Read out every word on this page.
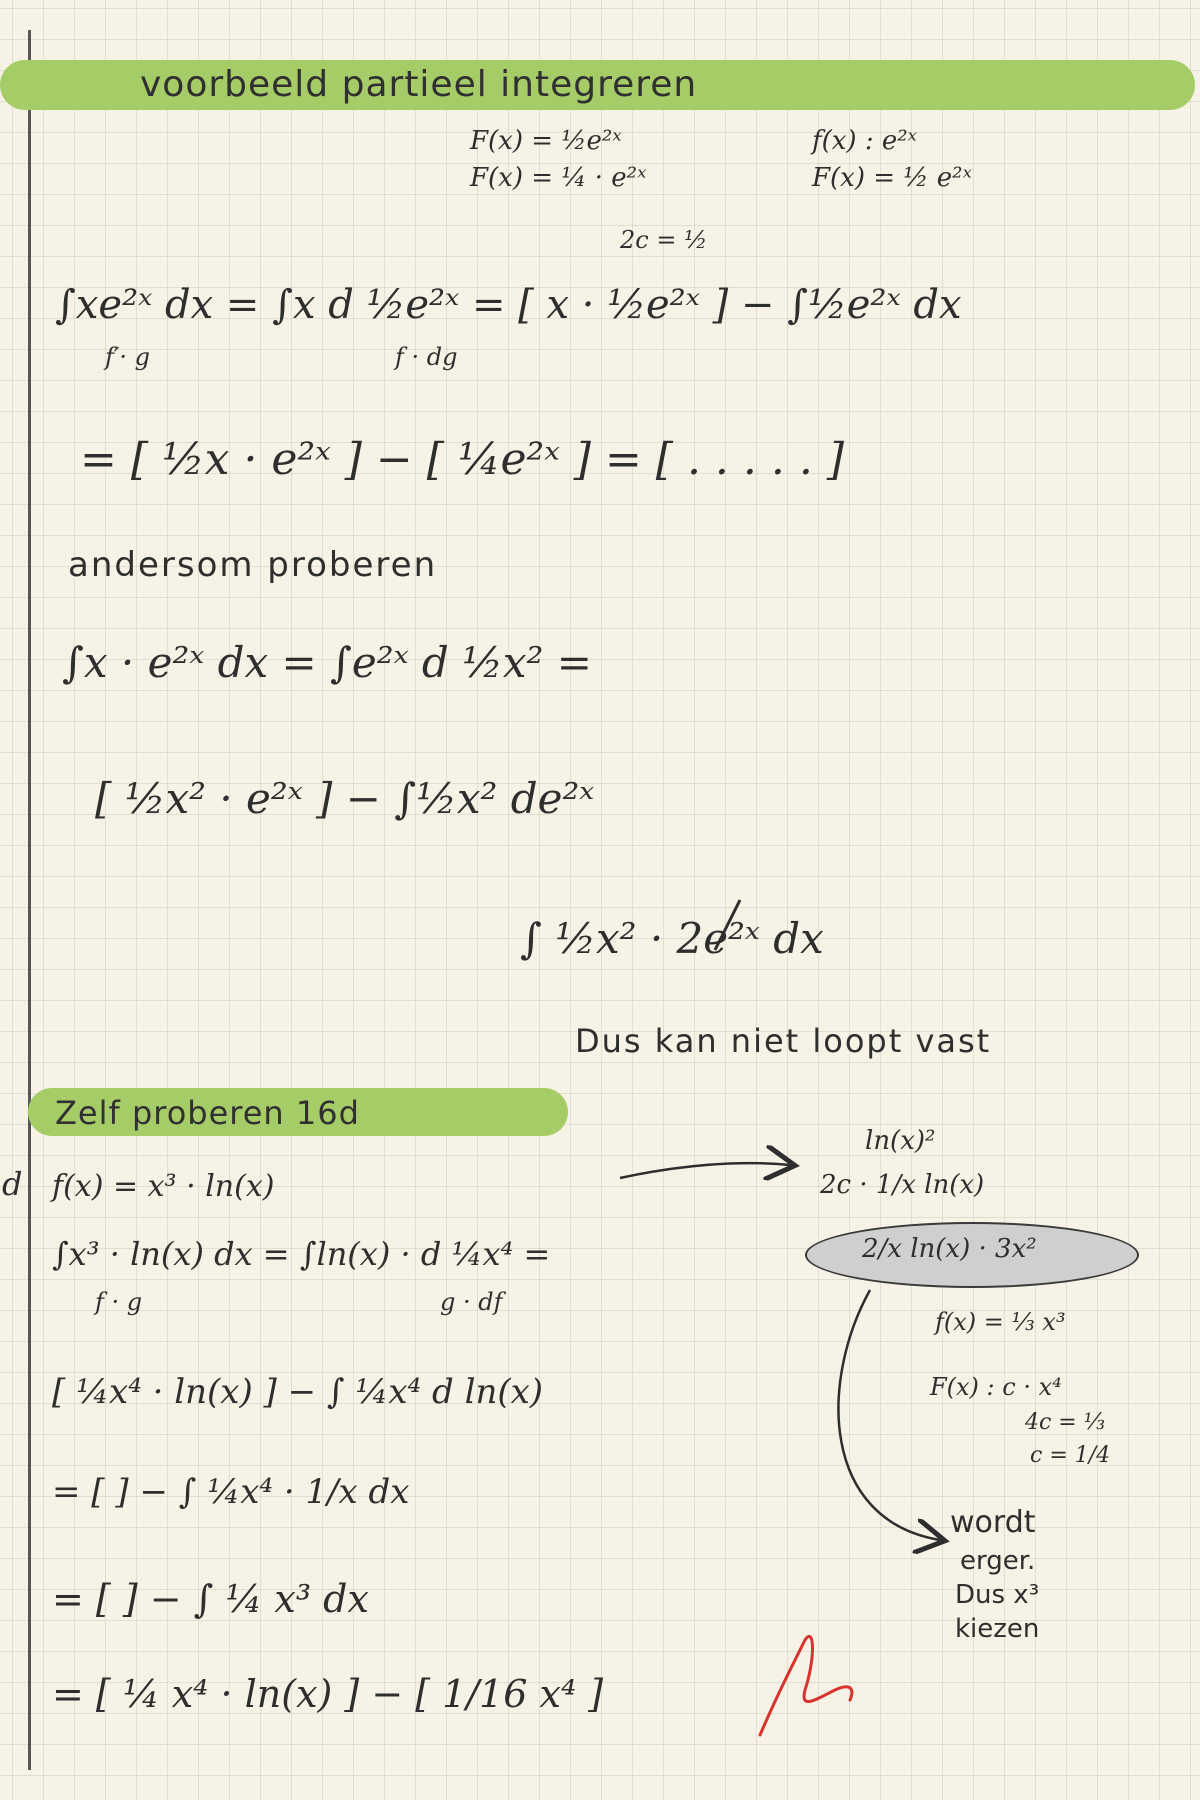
voorbeeld partieel integreren
F(x) = ½e²ˣ
F(x) = ¼ · e²ˣ
2c = ½
f(x) : e²ˣ
F(x) = ½ e²ˣ
∫xe²ˣ dx = ∫x d ½e²ˣ = [ x · ½e²ˣ ] − ∫½e²ˣ dx
f′· g	f · dg
= [ ½x · e²ˣ ] − [ ¼e²ˣ ] = [ . . . . . ]
andersom proberen
∫x · e²ˣ dx = ∫e²ˣ d ½x² =
[ ½x² · e²ˣ ] − ∫½x² de²ˣ
∫ ½x² · 2e²ˣ dx
Dus kan niet loopt vast
Zelf proberen 16d
d f(x) = x³ · ln(x)
∫x³ · ln(x) dx = ∫ln(x) · d ¼x⁴ =
f · g	g · df
[ ¼x⁴ · ln(x) ] − ∫ ¼x⁴ d ln(x)
= [ ] − ∫ ¼x⁴ · 1/x dx
= [ ] − ∫ ¼ x³ dx
= [ ¼ x⁴ · ln(x) ] − [ 1/16 x⁴ ]
ln(x)²
2c · 1/x ln(x)
2/x ln(x) · 3x²
f(x) = ⅓ x³
F(x) : c · x⁴
4c = ⅓
c = 1/4
wordt
erger.
Dus x³
kiezen
